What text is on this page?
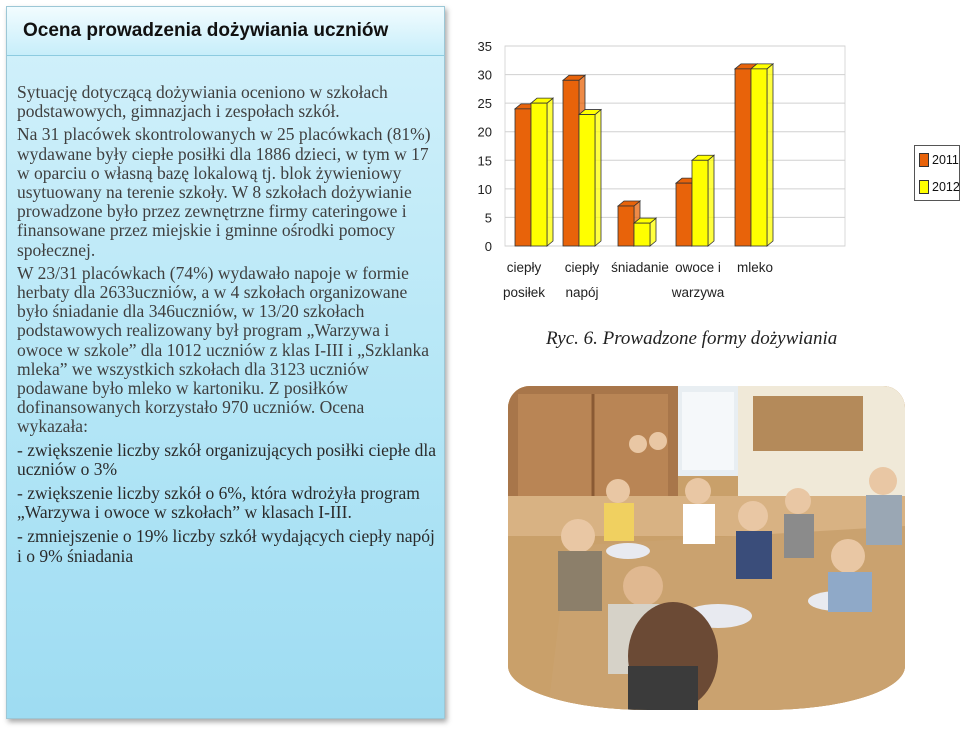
Ocena prowadzenia dożywiania uczniów

Sytuację dotyczącą dożywiania oceniono w szkołach podstawowych, gimnazjach i zespołach szkół.

Na 31 placówek skontrolowanych w 25 placówkach (81%) wydawane były ciepłe posiłki dla 1886 dzieci, w tym w 17 w oparciu o własną bazę lokalową tj. blok żywieniowy usytuowany na terenie szkoły. W 8 szkołach dożywianie prowadzone było przez zewnętrzne firmy cateringowe i finansowane przez miejskie i gminne ośrodki pomocy społecznej.

W 23/31 placówkach (74%) wydawało napoje w formie herbaty dla 2633uczniów, a w 4 szkołach organizowane było śniadanie dla 346uczniów, w 13/20 szkołach podstawowych realizowany był program „Warzywa i owoce w szkole” dla 1012 uczniów z klas I-III i „Szklanka mleka” we wszystkich szkołach dla 3123 uczniów podawane było mleko w kartoniku. Z posiłków dofinansowanych korzystało 970 uczniów. Ocena wykazała:

- zwiększenie liczby szkół organizujących posiłki ciepłe dla uczniów o 3%

- zwiększenie liczby szkół o 6%, która wdrożyła program „Warzywa i owoce w szkołach” w klasach I-III.

- zmniejszenie o 19% liczby szkół wydających ciepły napój i o 9% śniadania

0
5
10
15
20
25
30
35
ciepły
posiłek
ciepły
napój
śniadanie owoce i
warzywa
mleko
Ryc. 6. Prowadzone formy dożywiania
2011
2012
